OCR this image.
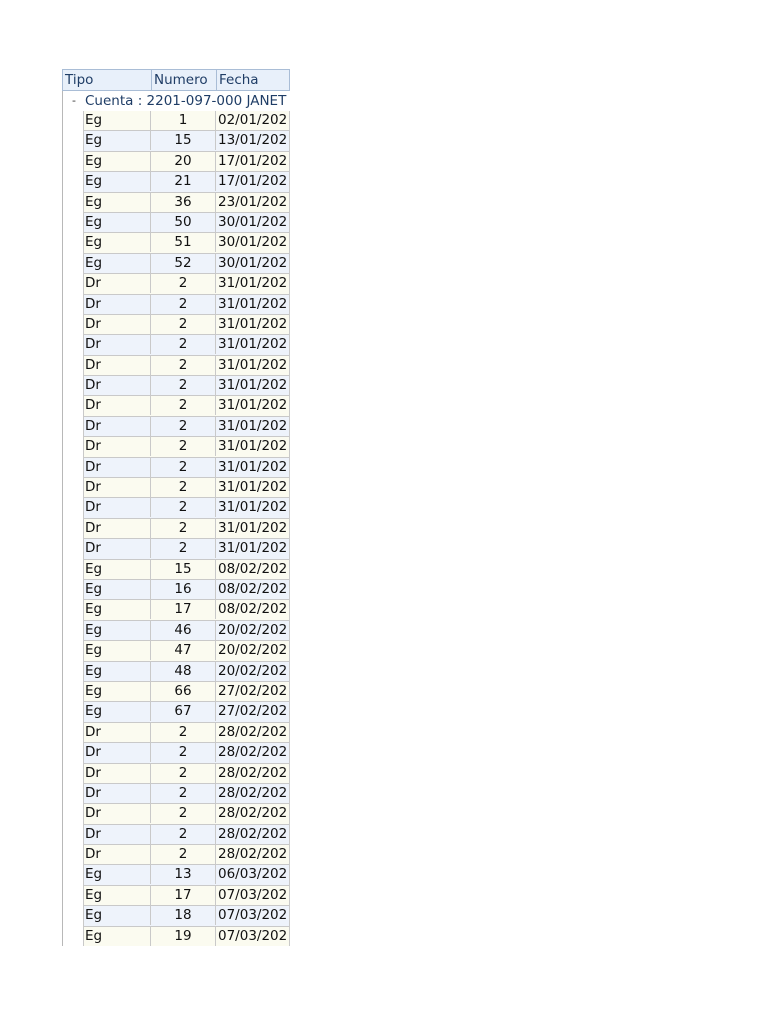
Tipo	Numero Fecha
- Cuenta : 2201-097-000 JANET
Eg	1	02/01/202
Eg	15	13/01/202
Eg	20	17/01/202
Eg	21	17/01/202
Eg	36	23/01/202
Eg	50	30/01/202
Eg	51	30/01/202
Eg	52	30/01/202
Dr	2	31/01/202
Dr	2	31/01/202
Dr	2	31/01/202
Dr	2	31/01/202
Dr	2	31/01/202
Dr	2	31/01/202
Dr	2	31/01/202
Dr	2	31/01/202
Dr	2	31/01/202
Dr	2	31/01/202
Dr	2	31/01/202
Dr	2	31/01/202
Dr	2	31/01/202
Dr	2	31/01/202
Eg	15	08/02/202
Eg	16	08/02/202
Eg	17	08/02/202
Eg	46	20/02/202
Eg	47	20/02/202
Eg	48	20/02/202
Eg	66	27/02/202
Eg	67	27/02/202
Dr	2	28/02/202
Dr	2	28/02/202
Dr	2	28/02/202
Dr	2	28/02/202
Dr	2	28/02/202
Dr	2	28/02/202
Dr	2	28/02/202
Eg	13	06/03/202
Eg	17	07/03/202
Eg	18	07/03/202
Eg	19	07/03/202
